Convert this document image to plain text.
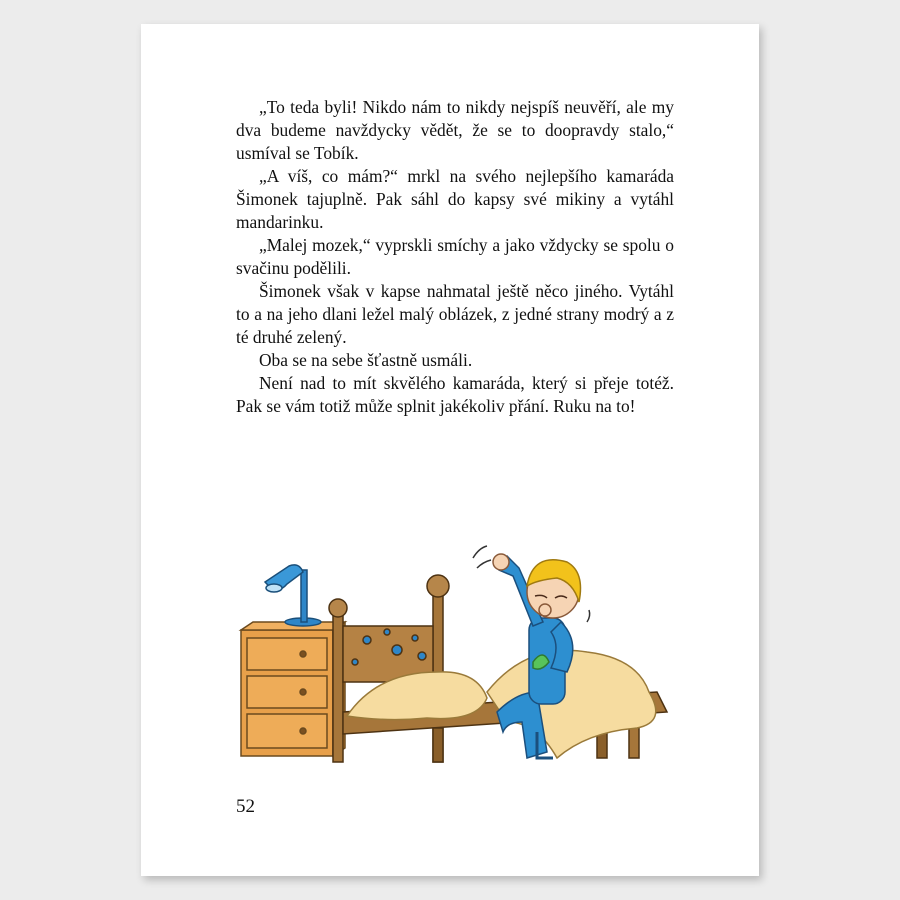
„To teda byli! Nikdo nám to nikdy nejspíš neuvěří, ale my dva budeme navždycky vědět, že se to doopravdy stalo,“ usmíval se Tobík.

„A víš, co mám?“ mrkl na svého nejlepšího kamaráda Šimonek tajuplně. Pak sáhl do kapsy své mikiny a vytáhl mandarinku.

„Malej mozek,“ vyprskli smíchy a jako vždycky se spolu o svačinu podělili.

Šimonek však v kapse nahmatal ještě něco jiného. Vytáhl to a na jeho dlani ležel malý oblázek, z jedné strany modrý a z té druhé zelený.

Oba se na sebe šťastně usmáli.

Není nad to mít skvělého kamaráda, který si přeje totéž. Pak se vám totiž může splnit jakékoliv přání. Ruku na to!

52
